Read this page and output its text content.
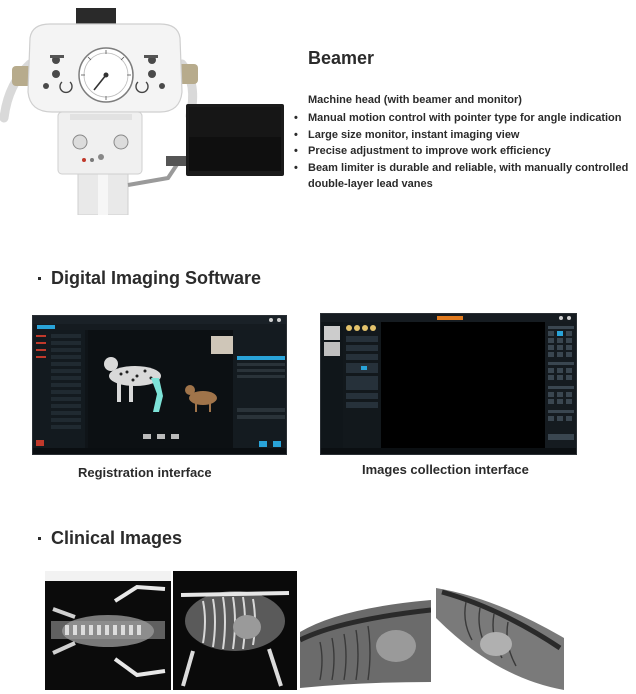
Beamer
Machine head (with beamer and monitor)
• Manual motion control with pointer type for angle indication
• Large size monitor, instant imaging view
• Precise adjustment to improve work efficiency
• Beam limiter is durable and reliable, with manually controlled double-layer lead vanes
Digital Imaging Software
Registration interface	Images collection interface
Clinical Images
